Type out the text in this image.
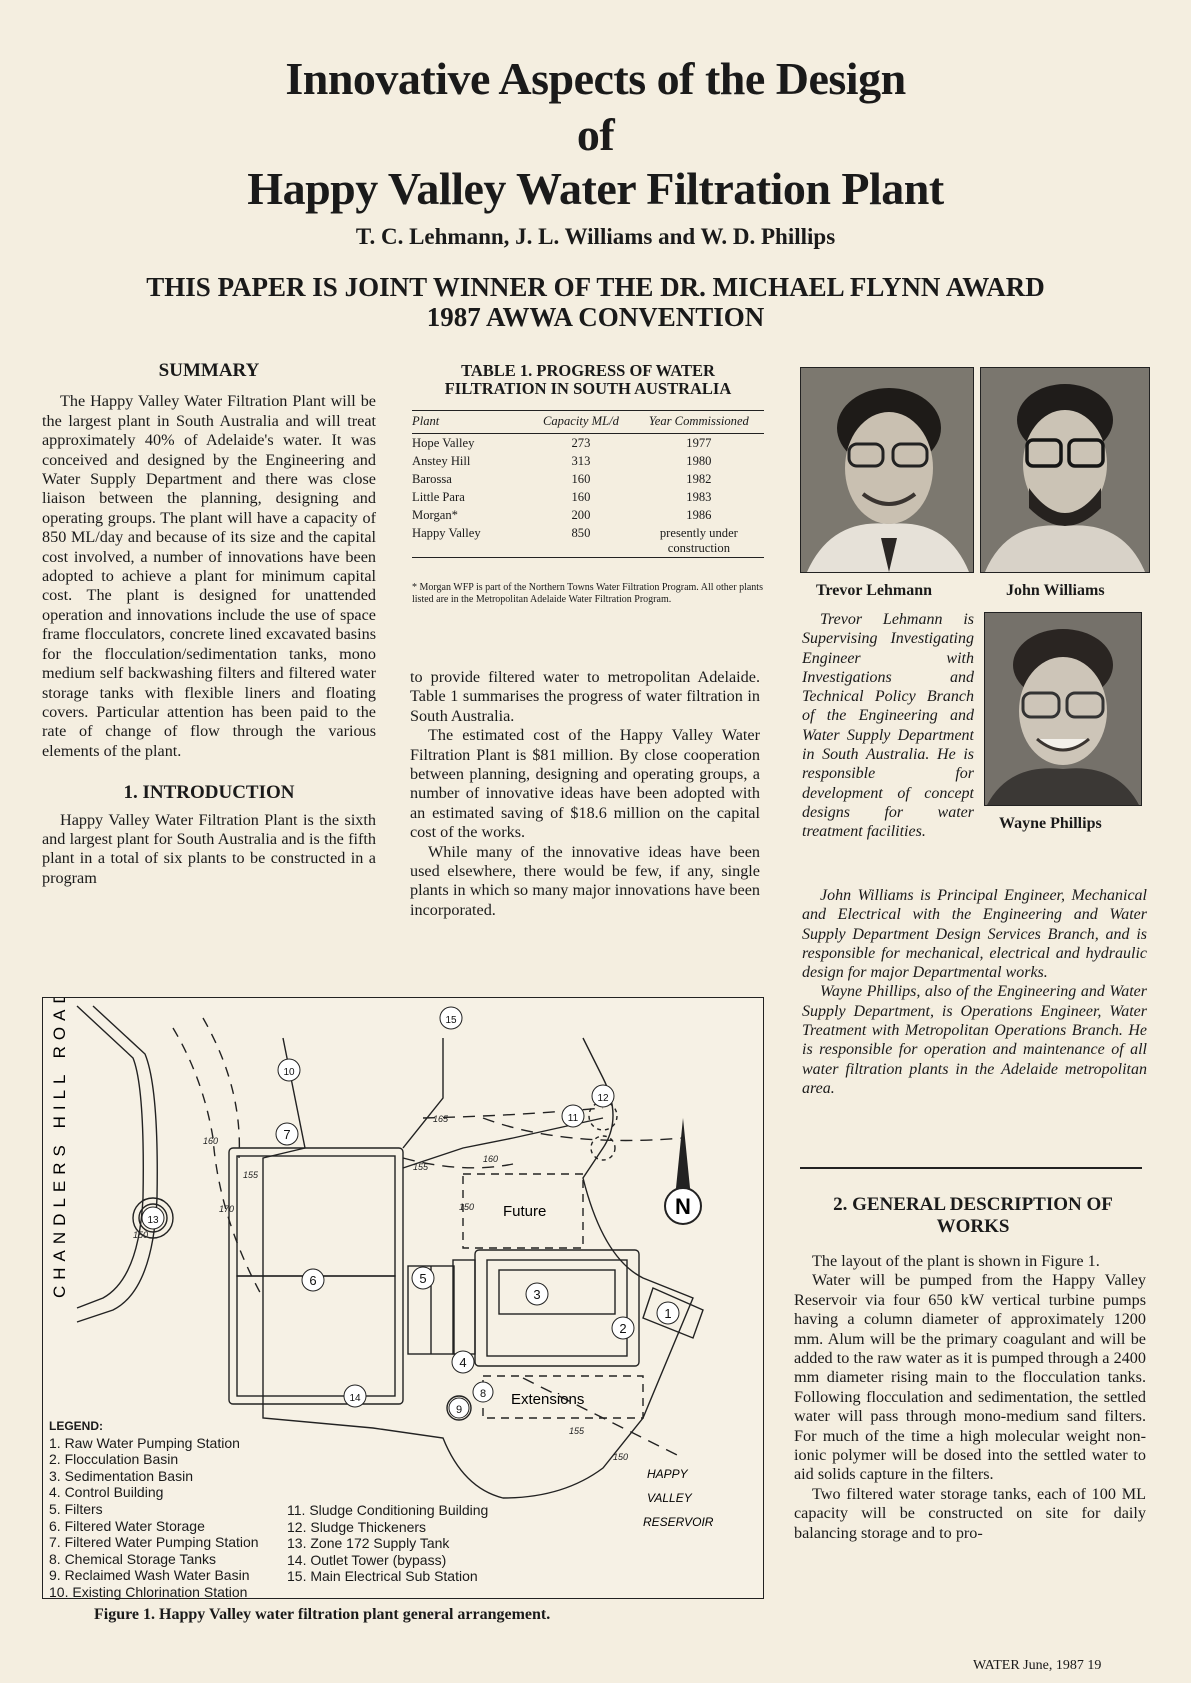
Innovative Aspects of the Design
of
Happy Valley Water Filtration Plant
T. C. Lehmann, J. L. Williams and W. D. Phillips
THIS PAPER IS JOINT WINNER OF THE DR. MICHAEL FLYNN AWARD
1987 AWWA CONVENTION
SUMMARY

The Happy Valley Water Filtration Plant will be the largest plant in South Australia and will treat approximately 40% of Adelaide's water. It was conceived and designed by the Engineering and Water Supply Department and there was close liaison between the planning, designing and operating groups. The plant will have a capacity of 850 ML/day and because of its size and the capital cost involved, a number of innovations have been adopted to achieve a plant for minimum capital cost. The plant is designed for unattended operation and innovations include the use of space frame flocculators, concrete lined excavated basins for the flocculation/sedimentation tanks, mono medium self backwashing filters and filtered water storage tanks with flexible liners and floating covers. Particular attention has been paid to the rate of change of flow through the various elements of the plant.

1. INTRODUCTION

Happy Valley Water Filtration Plant is the sixth and largest plant for South Australia and is the fifth plant in a total of six plants to be constructed in a program

TABLE 1. PROGRESS OF WATER FILTRATION IN SOUTH AUSTRALIA
Plant	Capacity ML/d	Year Commissioned
Hope Valley	273	1977
Anstey Hill	313	1980
Barossa	160	1982
Little Para	160	1983
Morgan*	200	1986
Happy Valley	850	presently under construction
* Morgan WFP is part of the Northern Towns Water Filtration Program. All other plants listed are in the Metropolitan Adelaide Water Filtration Program.

to provide filtered water to metropolitan Adelaide. Table 1 summarises the progress of water filtration in South Australia.

The estimated cost of the Happy Valley Water Filtration Plant is $81 million. By close cooperation between planning, designing and operating groups, a number of innovative ideas have been adopted with an estimated saving of $18.6 million on the capital cost of the works.

While many of the innovative ideas have been used elsewhere, there would be few, if any, single plants in which so many major innovations have been incorporated.

Trevor Lehmann	John Williams
Wayne Phillips
Trevor Lehmann is Supervising Investigating Engineer with Investigations and Technical Policy Branch of the Engineering and Water Supply Department in South Australia. He is responsible for development of concept designs for water treatment facilities.
John Williams is Principal Engineer, Mechanical and Electrical with the Engineering and Water Supply Department Design Services Branch, and is responsible for mechanical, electrical and hydraulic design for major Departmental works.
Wayne Phillips, also of the Engineering and Water Supply Department, is Operations Engineer, Water Treatment with Metropolitan Operations Branch. He is responsible for operation and maintenance of all water filtration plants in the Adelaide metropolitan area.
2. GENERAL DESCRIPTION OF WORKS

The layout of the plant is shown in Figure 1.

Water will be pumped from the Happy Valley Reservoir via four 650 kW vertical turbine pumps having a column diameter of approximately 1200 mm. Alum will be the primary coagulant and will be added to the raw water as it is pumped through a 2400 mm diameter rising main to the flocculation tanks. Following flocculation and sedimentation, the settled water will pass through mono-medium sand filters. For much of the time a high molecular weight non-ionic polymer will be dosed into the settled water to aid solids capture in the filters.

Two filtered water storage tanks, each of 100 ML capacity will be constructed on site for daily balancing storage and to pro-

N
CHANDLERS HILL ROAD	Future
Extensions
HAPPY
VALLEY
RESERVOIR
1
2
3
4
5
6
7
8
9
10
11
12
13
14
15
165
160
155
150
155
150
160
170
155
150
LEGEND:
1. Raw Water Pumping Station
2. Flocculation Basin
3. Sedimentation Basin
4. Control Building
5. Filters
6. Filtered Water Storage
7. Filtered Water Pumping Station
8. Chemical Storage Tanks
9. Reclaimed Wash Water Basin
10. Existing Chlorination Station
11. Sludge Conditioning Building
12. Sludge Thickeners
13. Zone 172 Supply Tank
14. Outlet Tower (bypass)
15. Main Electrical Sub Station
Figure 1. Happy Valley water filtration plant general arrangement.
WATER June, 1987 19
